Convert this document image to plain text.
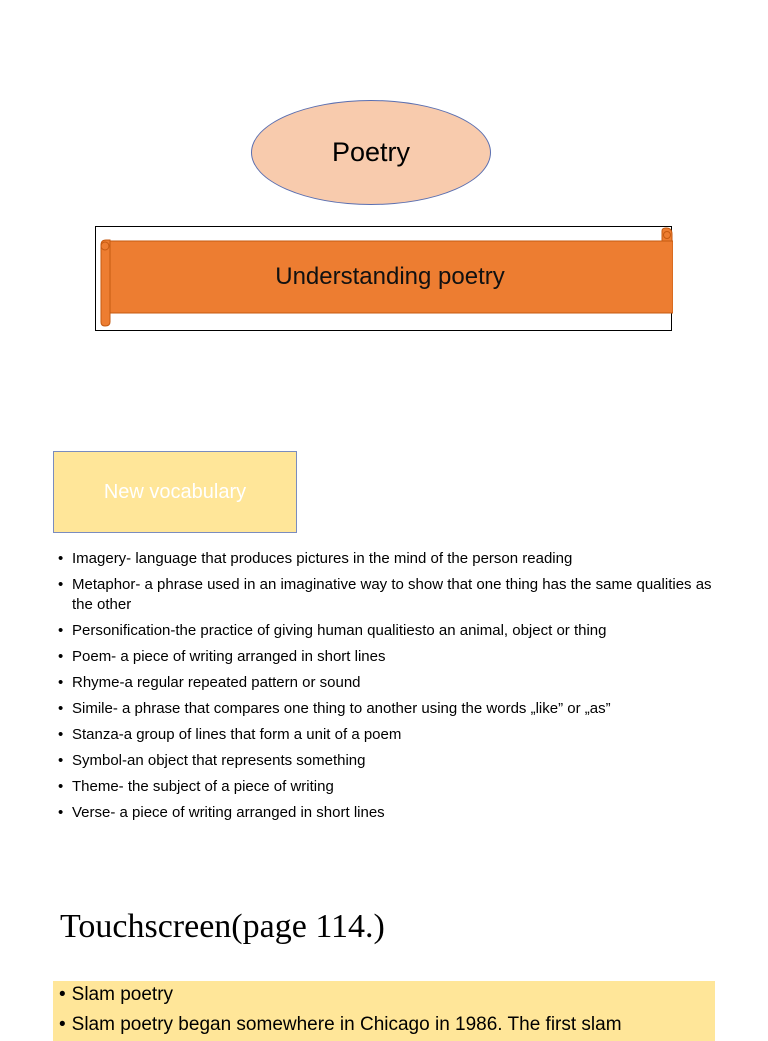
Poetry
Understanding poetry
New vocabulary
• Imagery- language that produces pictures in the mind of the person reading
• Metaphor- a phrase used in an imaginative way to show that one thing has the same qualities as the other
• Personification-the practice of giving human qualitiesto an animal, object or thing
• Poem- a piece of writing arranged in short lines
• Rhyme-a regular repeated pattern or sound
• Simile- a phrase that compares one thing to another using the words „like” or „as”
• Stanza-a group of lines that form a unit of a poem
• Symbol-an object that represents something
• Theme- the subject of a piece of writing
• Verse- a piece of writing arranged in short lines
Touchscreen(page 114.)
• Slam poetry
• Slam poetry began somewhere in Chicago in 1986. The first slam
